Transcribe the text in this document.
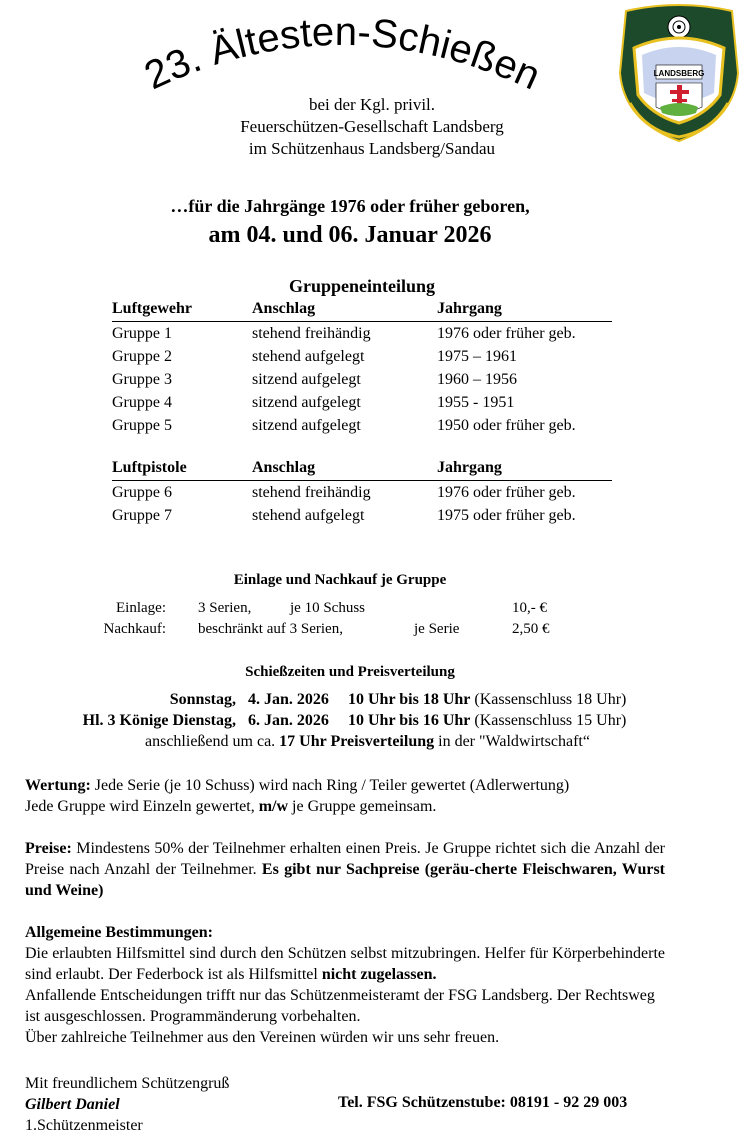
23. Ältesten-Schießen	LANDSBERG
bei der Kgl. privil.
Feuerschützen-Gesellschaft Landsberg
im Schützenhaus Landsberg/Sandau
…für die Jahrgänge 1976 oder früher geboren,
am 04. und 06. Januar 2026
Gruppeneinteilung
Luftgewehr	Anschlag	Jahrgang
Gruppe 1	stehend freihändig	1976 oder früher geb.
Gruppe 2	stehend aufgelegt	1975 – 1961
Gruppe 3	sitzend aufgelegt	1960 – 1956
Gruppe 4	sitzend aufgelegt	1955 - 1951
Gruppe 5	sitzend aufgelegt	1950 oder früher geb.
Luftpistole	Anschlag	Jahrgang
Gruppe 6	stehend freihändig	1976 oder früher geb.
Gruppe 7	stehend aufgelegt	1975 oder früher geb.
Einlage und Nachkauf je Gruppe
Einlage: 3 Serien,	je 10 Schuss	10,- €
Nachkauf: beschränkt auf 3 Serien,	je Serie	2,50 €
Schießzeiten und Preisverteilung
Sonnstag, 4. Jan. 2026 10 Uhr bis 18 Uhr (Kassenschluss 18 Uhr)
Hl. 3 Könige Dienstag, 6. Jan. 2026 10 Uhr bis 16 Uhr (Kassenschluss 15 Uhr)
anschließend um ca. 17 Uhr Preisverteilung in der "Waldwirtschaft“
Wertung: Jede Serie (je 10 Schuss) wird nach Ring / Teiler gewertet (Adlerwertung)
Jede Gruppe wird Einzeln gewertet, m/w je Gruppe gemeinsam.
Preise: Mindestens 50% der Teilnehmer erhalten einen Preis. Je Gruppe richtet sich die Anzahl der Preise nach Anzahl der Teilnehmer. Es gibt nur Sachpreise (geräu-cherte Fleischwaren, Wurst und Weine)
Allgemeine Bestimmungen:
Die erlaubten Hilfsmittel sind durch den Schützen selbst mitzubringen. Helfer für Körperbehinderte sind erlaubt. Der Federbock ist als Hilfsmittel nicht zugelassen.
Anfallende Entscheidungen trifft nur das Schützenmeisteramt der FSG Landsberg. Der Rechtsweg ist ausgeschlossen. Programmänderung vorbehalten.
Über zahlreiche Teilnehmer aus den Vereinen würden wir uns sehr freuen.
Mit freundlichem Schützengruß
Gilbert Daniel
1.Schützenmeister
Tel. FSG Schützenstube: 08191 - 92 29 003
